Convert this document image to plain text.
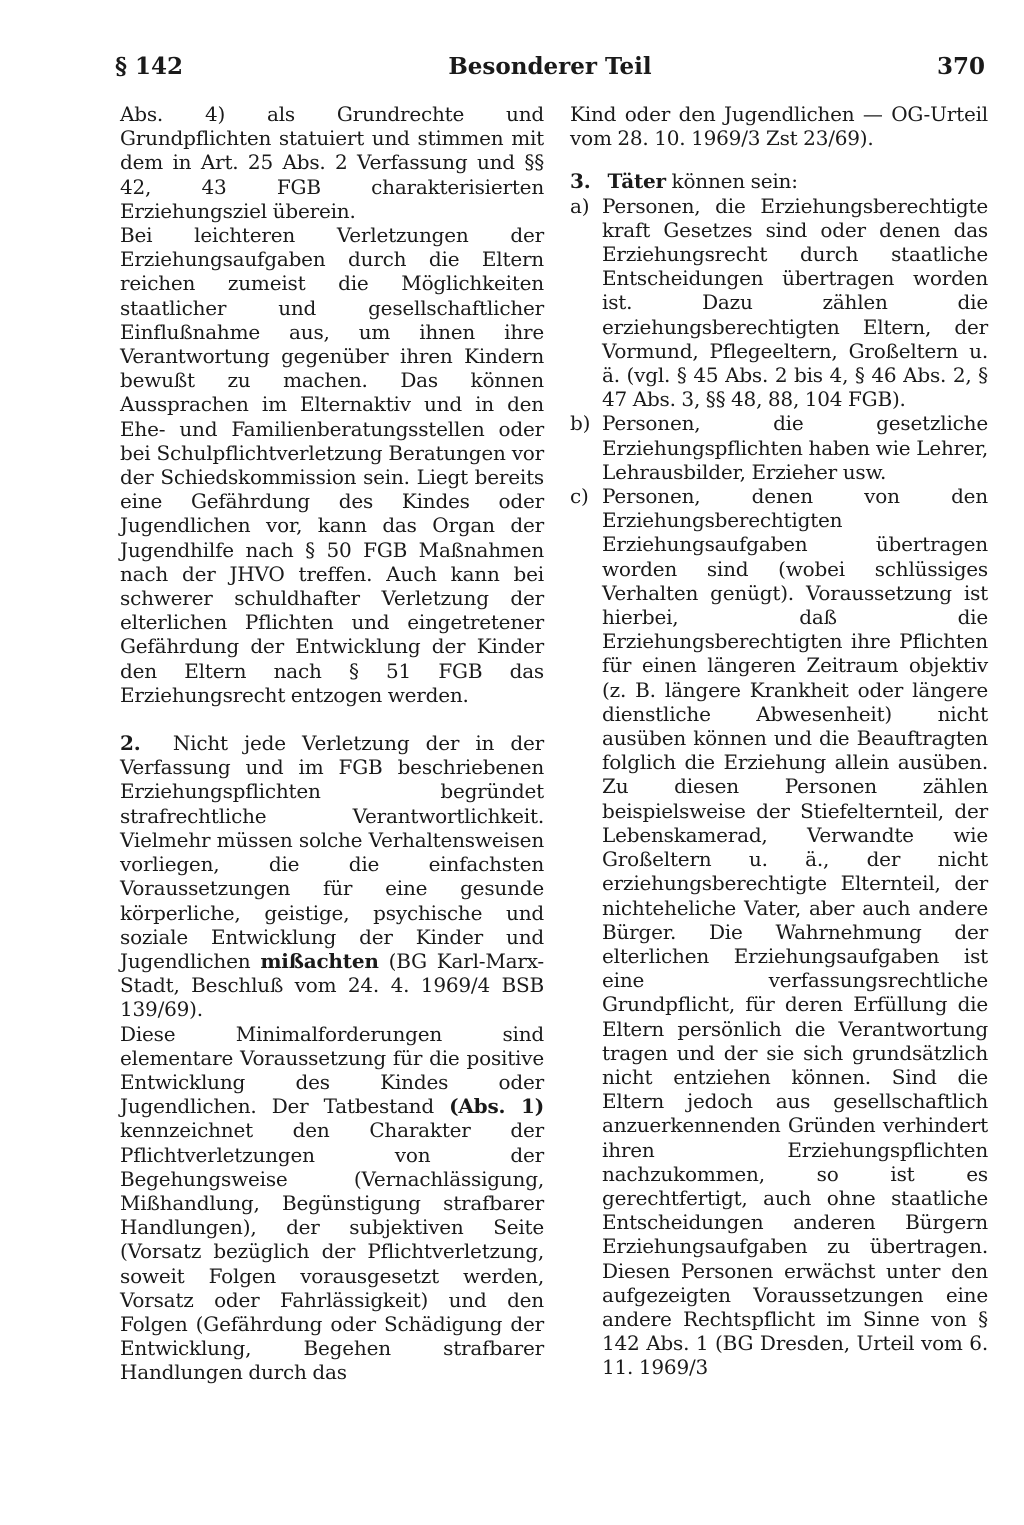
§ 142	Besonderer Teil	370

Abs. 4) als Grundrechte und Grundpflichten statuiert und stimmen mit dem in Art. 25 Abs. 2 Verfassung und §§ 42, 43 FGB charakterisierten Erziehungsziel überein.

Bei leichteren Verletzungen der Erziehungsaufgaben durch die Eltern reichen zumeist die Möglichkeiten staatlicher und gesellschaftlicher Einflußnahme aus, um ihnen ihre Verantwortung gegenüber ihren Kindern bewußt zu machen. Das können Aussprachen im Elternaktiv und in den Ehe- und Familienberatungsstellen oder bei Schulpflichtverletzung Beratungen vor der Schiedskommission sein. Liegt bereits eine Gefährdung des Kindes oder Jugendlichen vor, kann das Organ der Jugendhilfe nach § 50 FGB Maßnahmen nach der JHVO treffen. Auch kann bei schwerer schuldhafter Verletzung der elterlichen Pflichten und eingetretener Gefährdung der Entwicklung der Kinder den Eltern nach § 51 FGB das Erziehungsrecht entzogen werden.

2. Nicht jede Verletzung der in der Verfassung und im FGB beschriebenen Erziehungspflichten begründet strafrechtliche Verantwortlichkeit. Vielmehr müssen solche Verhaltensweisen vorliegen, die die einfachsten Voraussetzungen für eine gesunde körperliche, geistige, psychische und soziale Entwicklung der Kinder und Jugendlichen mißachten (BG Karl-Marx-Stadt, Beschluß vom 24. 4. 1969/4 BSB 139/69).

Diese Minimalforderungen sind elementare Voraussetzung für die positive Entwicklung des Kindes oder Jugendlichen. Der Tatbestand (Abs. 1) kennzeichnet den Charakter der Pflichtverletzungen von der Begehungsweise (Vernachlässigung, Mißhandlung, Begünstigung strafbarer Handlungen), der subjektiven Seite (Vorsatz bezüglich der Pflichtverletzung, soweit Folgen vorausgesetzt werden, Vorsatz oder Fahrlässigkeit) und den Folgen (Gefährdung oder Schädigung der Entwicklung, Begehen strafbarer Handlungen durch das

Kind oder den Jugendlichen — OG-Urteil vom 28. 10. 1969/3 Zst 23/69).

3. Täter können sein:

a) Personen, die Erziehungsberechtigte kraft Gesetzes sind oder denen das Erziehungsrecht durch staatliche Entscheidungen übertragen worden ist. Dazu zählen die erziehungsberechtigten Eltern, der Vormund, Pflegeeltern, Großeltern u. ä. (vgl. § 45 Abs. 2 bis 4, § 46 Abs. 2, § 47 Abs. 3, §§ 48, 88, 104 FGB).
b) Personen, die gesetzliche Erziehungspflichten haben wie Lehrer, Lehrausbilder, Erzieher usw.
c) Personen, denen von den Erziehungsberechtigten Erziehungsaufgaben übertragen worden sind (wobei schlüssiges Verhalten genügt). Voraussetzung ist hierbei, daß die Erziehungsberechtigten ihre Pflichten für einen längeren Zeitraum objektiv (z. B. längere Krankheit oder längere dienstliche Abwesenheit) nicht ausüben können und die Beauftragten folglich die Erziehung allein ausüben. Zu diesen Personen zählen beispielsweise der Stiefelternteil, der Lebenskamerad, Verwandte wie Großeltern u. ä., der nicht erziehungsberechtigte Elternteil, der nichteheliche Vater, aber auch andere Bürger. Die Wahrnehmung der elterlichen Erziehungsaufgaben ist eine verfassungsrechtliche Grundpflicht, für deren Erfüllung die Eltern persönlich die Verantwortung tragen und der sie sich grundsätzlich nicht entziehen können. Sind die Eltern jedoch aus gesellschaftlich anzuerkennenden Gründen verhindert ihren Erziehungspflichten nachzukommen, so ist es gerechtfertigt, auch ohne staatliche Entscheidungen anderen Bürgern Erziehungsaufgaben zu übertragen. Diesen Personen erwächst unter den aufgezeigten Voraussetzungen eine andere Rechtspflicht im Sinne von § 142 Abs. 1 (BG Dresden, Urteil vom 6. 11. 1969/3
